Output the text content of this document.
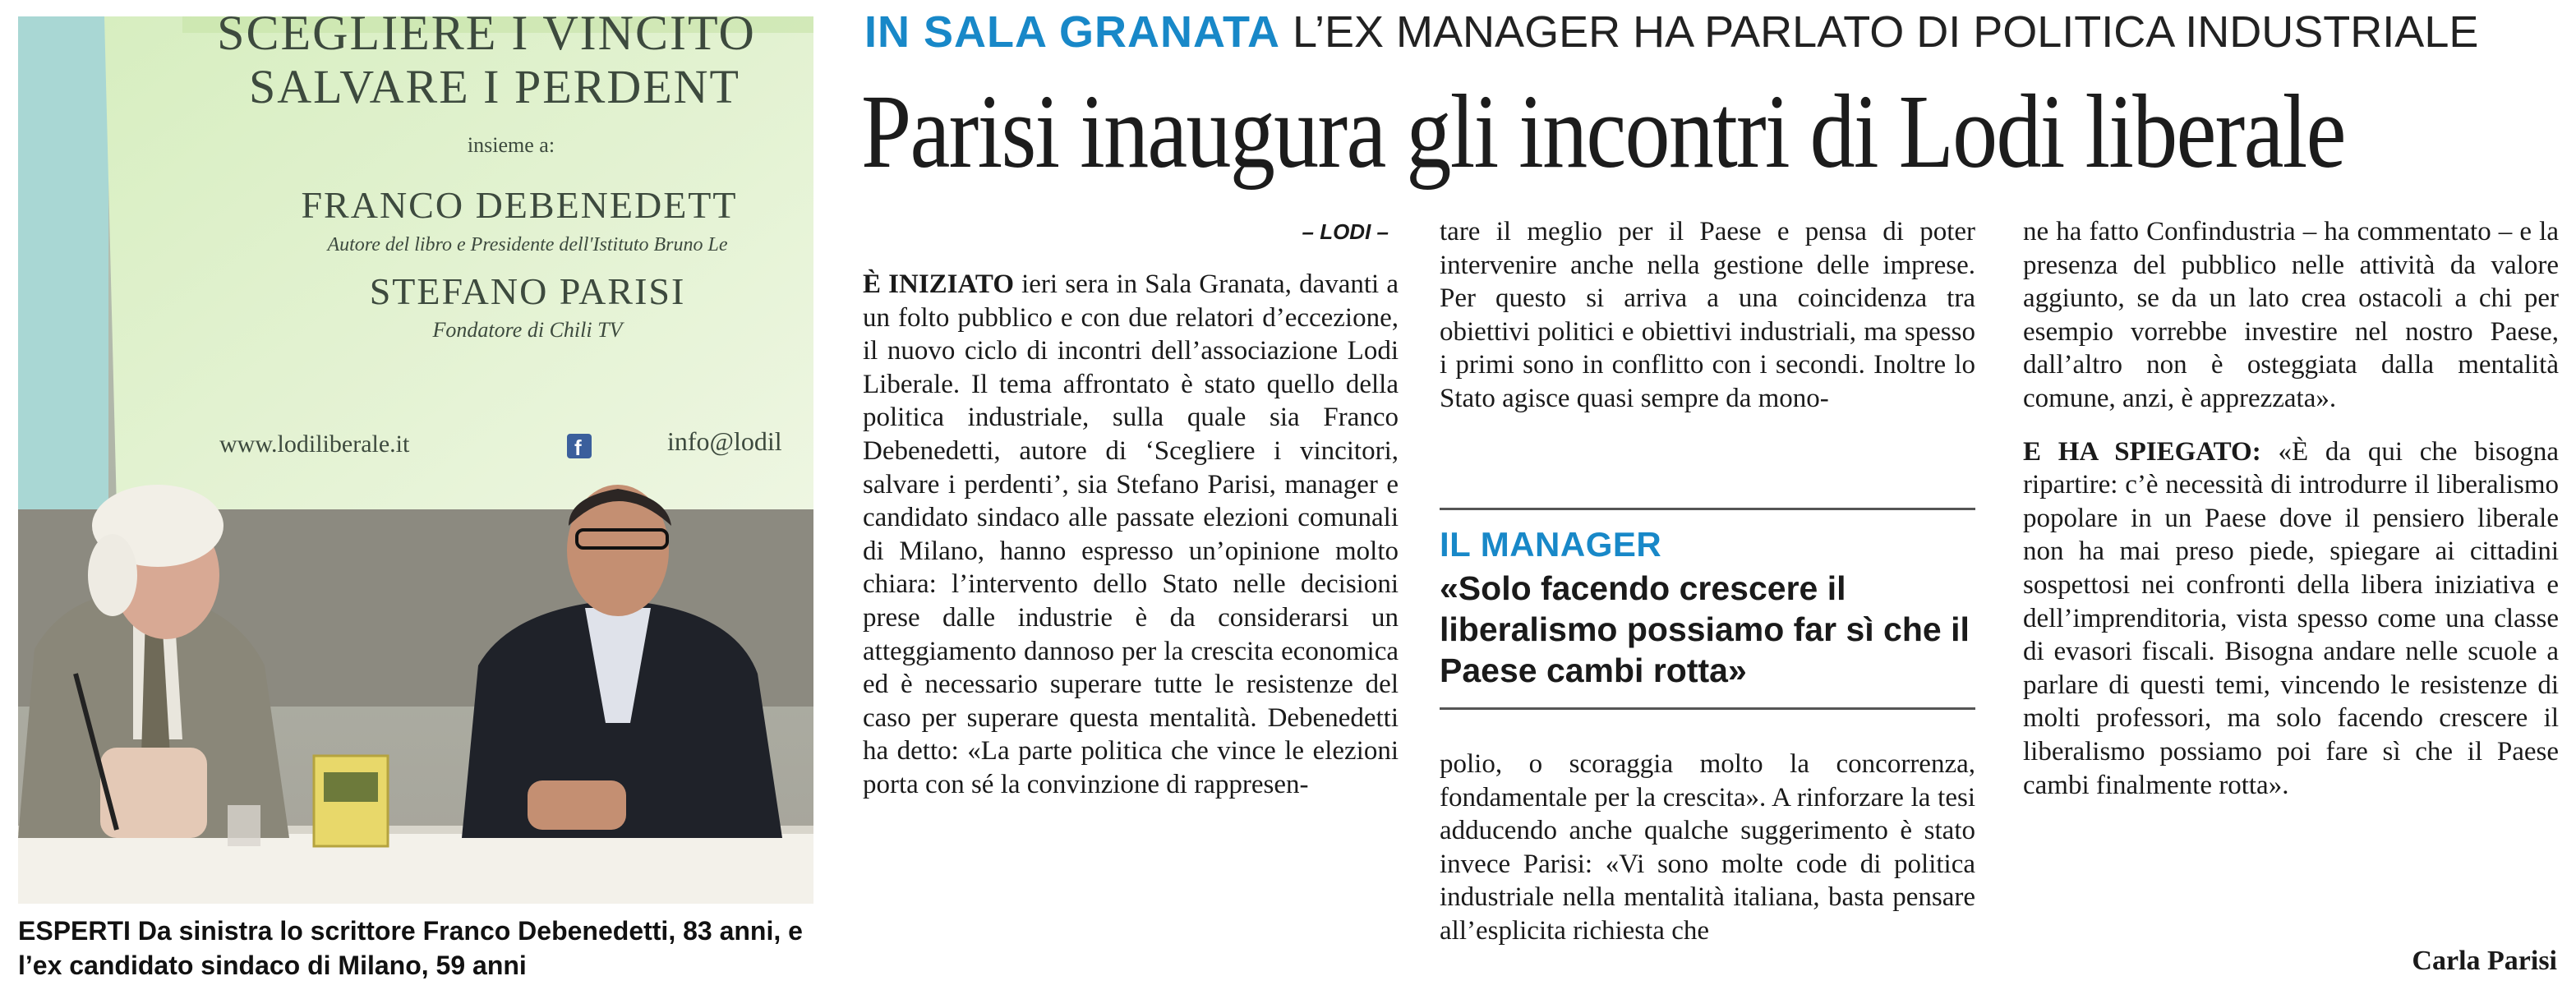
SCEGLIERE I VINCITO
SALVARE I PERDENT
insieme a:
FRANCO DEBENEDETT
Autore del libro e Presidente dell'Istituto Bruno Le
STEFANO PARISI
Fondatore di Chili TV
www.lodiliberale.it	f	info@lodil
ESPERTI Da sinistra lo scrittore Franco Debenedetti, 83 anni, e l’ex candidato sindaco di Milano, 59 anni
IN SALA GRANATA L’EX MANAGER HA PARLATO DI POLITICA INDUSTRIALE
Parisi inaugura gli incontri di Lodi liberale

– LODI –

È INIZIATO ieri sera in Sala Granata, davanti a un folto pubblico e con due relatori d’eccezione, il nuovo ciclo di incontri dell’associazione Lodi Liberale. Il tema affrontato è stato quello della politica industriale, sulla quale sia Franco Debenedetti, autore di ‘Scegliere i vincitori, salvare i perdenti’, sia Stefano Parisi, manager e candidato sindaco alle passate elezioni comunali di Milano, hanno espresso un’opinione molto chiara: l’intervento dello Stato nelle decisioni prese dalle industrie è da considerarsi un atteggiamento dannoso per la crescita economica ed è necessario superare tutte le resistenze del caso per superare questa mentalità. Debenedetti ha detto: «La parte politica che vince le elezioni porta con sé la convinzione di rappresen-

tare il meglio per il Paese e pensa di poter intervenire anche nella gestione delle imprese. Per questo si arriva a una coincidenza tra obiettivi politici e obiettivi industriali, ma spesso i primi sono in conflitto con i secondi. Inoltre lo Stato agisce quasi sempre da mono-

IL MANAGER
«Solo facendo crescere il liberalismo possiamo far sì che il Paese cambi rotta»

polio, o scoraggia molto la concorrenza, fondamentale per la crescita». A rinforzare la tesi adducendo anche qualche suggerimento è stato invece Parisi: «Vi sono molte code di politica industriale nella mentalità italiana, basta pensare all’esplicita richiesta che

ne ha fatto Confindustria – ha commentato – e la presenza del pubblico nelle attività da valore aggiunto, se da un lato crea ostacoli a chi per esempio vorrebbe investire nel nostro Paese, dall’altro non è osteggiata dalla mentalità comune, anzi, è apprezzata».

E HA SPIEGATO: «È da qui che bisogna ripartire: c’è necessità di introdurre il liberalismo popolare in un Paese dove il pensiero liberale non ha mai preso piede, spiegare ai cittadini sospettosi nei confronti della libera iniziativa e dell’imprenditoria, vista spesso come una classe di evasori fiscali. Bisogna andare nelle scuole a parlare di questi temi, vincendo le resistenze di molti professori, ma solo facendo crescere il liberalismo possiamo poi fare sì che il Paese cambi finalmente rotta».

Carla Parisi
